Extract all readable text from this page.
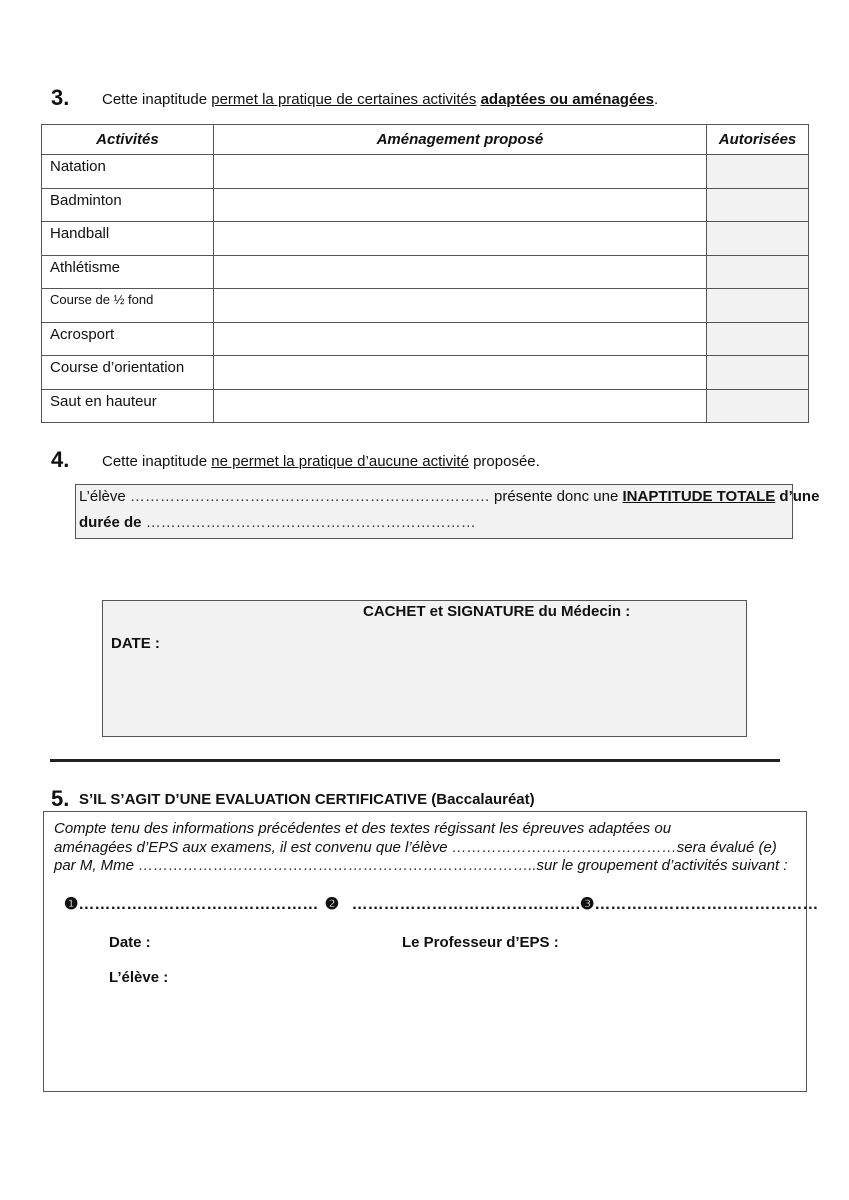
3. Cette inaptitude permet la pratique de certaines activités adaptées ou aménagées.
Activités	Aménagement proposé	Autorisées
Natation		
Badminton		
Handball		
Athlétisme		
Course de ½ fond		
Acrosport		
Course d’orientation		
Saut en hauteur		
4. Cette inaptitude ne permet la pratique d’aucune activité proposée.
L’élève ……………………………………………………………… présente donc une INAPTITUDE TOTALE d’une
durée de …………………………………………………………
CACHET et SIGNATURE du Médecin :
DATE :
5. S’IL S’AGIT D’UNE EVALUATION CERTIFICATIVE (Baccalauréat)
Compte tenu des informations précédentes et des textes régissant les épreuves adaptées ou
aménagées d’EPS aux examens, il est convenu que l’élève ………………………………………sera évalué (e)
par M, Mme ……………………………………………………………………..sur le groupement d’activités suivant :
❶……………………………………… ❷ …………………………………….❸……………………………………
Date :	Le Professeur d’EPS :
L’élève :
